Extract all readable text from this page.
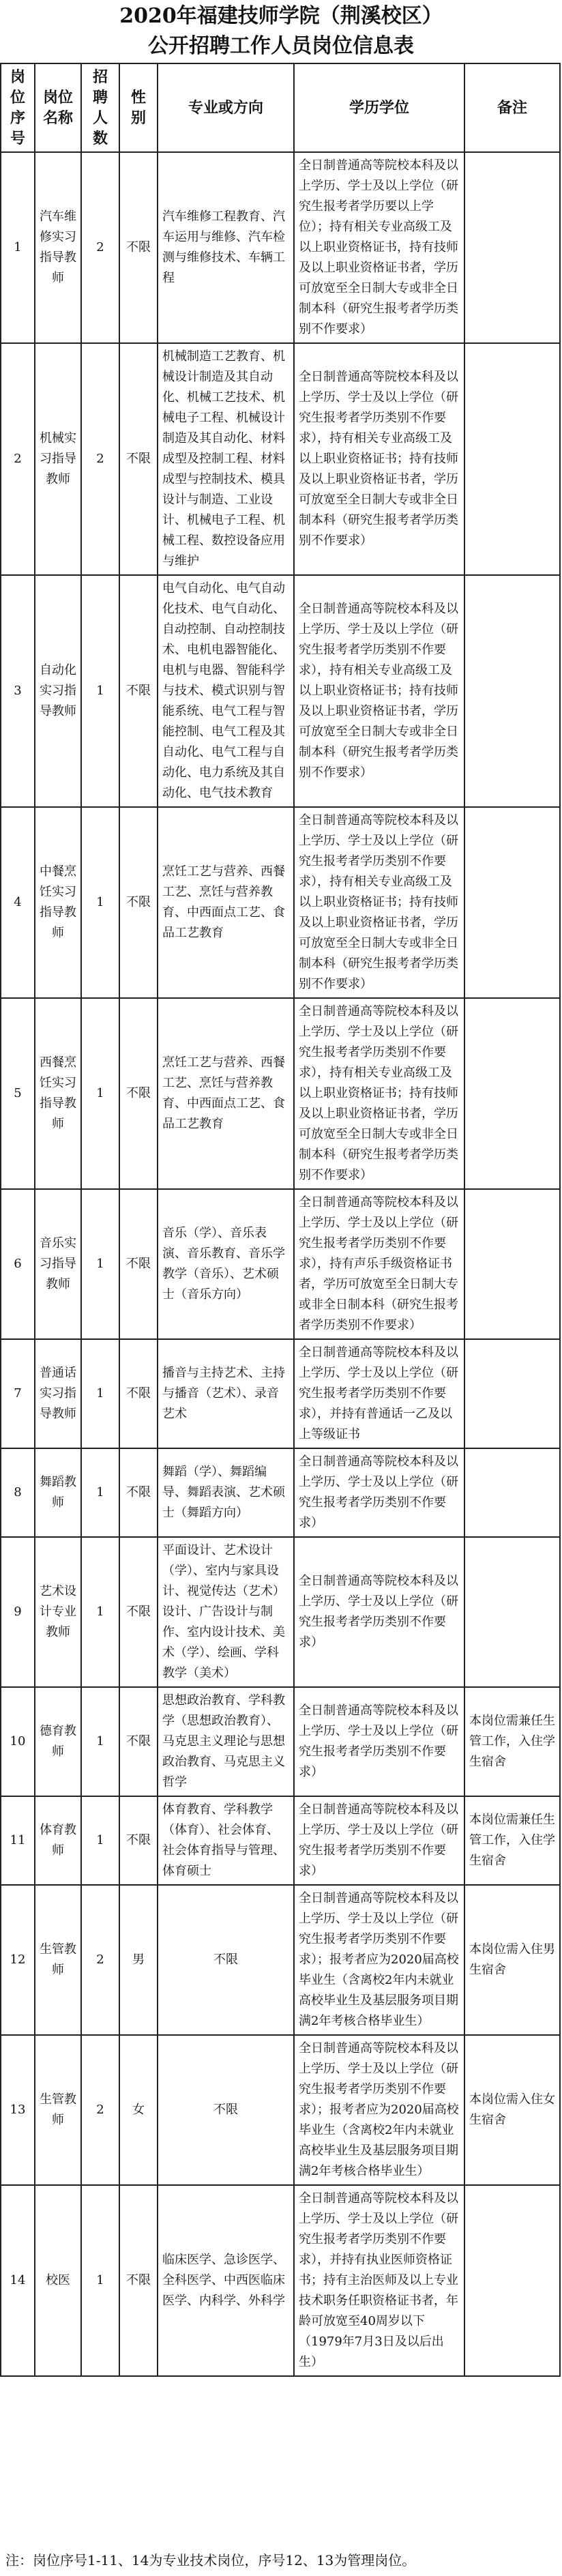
2020年福建技师学院（荆溪校区）
公开招聘工作人员岗位信息表
岗位序号	岗位名称	招聘人数	性别	专业或方向	学历学位	备注
1	汽车维修实习指导教师	2	不限	汽车维修工程教育、汽车运用与维修、汽车检测与维修技术、车辆工程	全日制普通高等院校本科及以上学历、学士及以上学位（研究生报考者学历要以上学位）；持有相关专业高级工及以上职业资格证书，持有技师及以上职业资格证书者，学历可放宽至全日制大专或非全日制本科（研究生报考者学历类别不作要求）	
2	机械实习指导教师	2	不限	机械制造工艺教育、机械设计制造及其自动化、机械工艺技术、机械电子工程、机械设计制造及其自动化、材料成型及控制工程、材料成型与控制技术、模具设计与制造、工业设计、机械电子工程、机械工程、数控设备应用与维护	全日制普通高等院校本科及以上学历、学士及以上学位（研究生报考者学历类别不作要求），持有相关专业高级工及以上职业资格证书；持有技师及以上职业资格证书者，学历可放宽至全日制大专或非全日制本科（研究生报考者学历类别不作要求）	
3	自动化实习指导教师	1	不限	电气自动化、电气自动化技术、电气自动化、自动控制、自动控制技术、电机电器智能化、电机与电器、智能科学与技术、模式识别与智能系统、电气工程与智能控制、电气工程及其自动化、电气工程与自动化、电力系统及其自动化、电气技术教育	全日制普通高等院校本科及以上学历、学士及以上学位（研究生报考者学历类别不作要求），持有相关专业高级工及以上职业资格证书；持有技师及以上职业资格证书者，学历可放宽至全日制大专或非全日制本科（研究生报考者学历类别不作要求）	
4	中餐烹饪实习指导教师	1	不限	烹饪工艺与营养、西餐工艺、烹饪与营养教育、中西面点工艺、食品工艺教育	全日制普通高等院校本科及以上学历、学士及以上学位（研究生报考者学历类别不作要求），持有相关专业高级工及以上职业资格证书；持有技师及以上职业资格证书者，学历可放宽至全日制大专或非全日制本科（研究生报考者学历类别不作要求）	
5	西餐烹饪实习指导教师	1	不限	烹饪工艺与营养、西餐工艺、烹饪与营养教育、中西面点工艺、食品工艺教育	全日制普通高等院校本科及以上学历、学士及以上学位（研究生报考者学历类别不作要求），持有相关专业高级工及以上职业资格证书；持有技师及以上职业资格证书者，学历可放宽至全日制大专或非全日制本科（研究生报考者学历类别不作要求）	
6	音乐实习指导教师	1	不限	音乐（学）、音乐表演、音乐教育、音乐学教学（音乐）、艺术硕士（音乐方向）	全日制普通高等院校本科及以上学历、学士及以上学位（研究生报考者学历类别不作要求），持有声乐手级资格证书者，学历可放宽至全日制大专或非全日制本科（研究生报考者学历类别不作要求）	
7	普通话实习指导教师	1	不限	播音与主持艺术、主持与播音（艺术）、录音艺术	全日制普通高等院校本科及以上学历、学士及以上学位（研究生报考者学历类别不作要求），并持有普通话一乙及以上等级证书	
8	舞蹈教师	1	不限	舞蹈（学）、舞蹈编导、舞蹈表演、艺术硕士（舞蹈方向）	全日制普通高等院校本科及以上学历、学士及以上学位（研究生报考者学历类别不作要求）	
9	艺术设计专业教师	1	不限	平面设计、艺术设计（学）、室内与家具设计、视觉传达（艺术）设计、广告设计与制作、室内设计技术、美术（学）、绘画、学科教学（美术）	全日制普通高等院校本科及以上学历、学士及以上学位（研究生报考者学历类别不作要求）	
10	德育教师	1	不限	思想政治教育、学科教学（思想政治教育）、马克思主义理论与思想政治教育、马克思主义哲学	全日制普通高等院校本科及以上学历、学士及以上学位（研究生报考者学历类别不作要求）	本岗位需兼任生管工作，入住学生宿舍
11	体育教师	1	不限	体育教育、学科教学（体育）、社会体育、社会体育指导与管理、体育硕士	全日制普通高等院校本科及以上学历、学士及以上学位（研究生报考者学历类别不作要求）	本岗位需兼任生管工作，入住学生宿舍
12	生管教师	2	男	不限	全日制普通高等院校本科及以上学历、学士及以上学位（研究生报考者学历类别不作要求）；报考者应为2020届高校毕业生（含离校2年内未就业高校毕业生及基层服务项目期满2年考核合格毕业生）	本岗位需入住男生宿舍
13	生管教师	2	女	不限	全日制普通高等院校本科及以上学历、学士及以上学位（研究生报考者学历类别不作要求）；报考者应为2020届高校毕业生（含离校2年内未就业高校毕业生及基层服务项目期满2年考核合格毕业生）	本岗位需入住女生宿舍
14	校医	1	不限	临床医学、急诊医学、全科医学、中西医临床医学、内科学、外科学	全日制普通高等院校本科及以上学历、学士及以上学位（研究生报考者学历类别不作要求），并持有执业医师资格证书；持有主治医师及以上专业技术职务任职资格证书者，年龄可放宽至40周岁以下（1979年7月3日及以后出生）	
注：岗位序号1-11、14为专业技术岗位，序号12、13为管理岗位。
